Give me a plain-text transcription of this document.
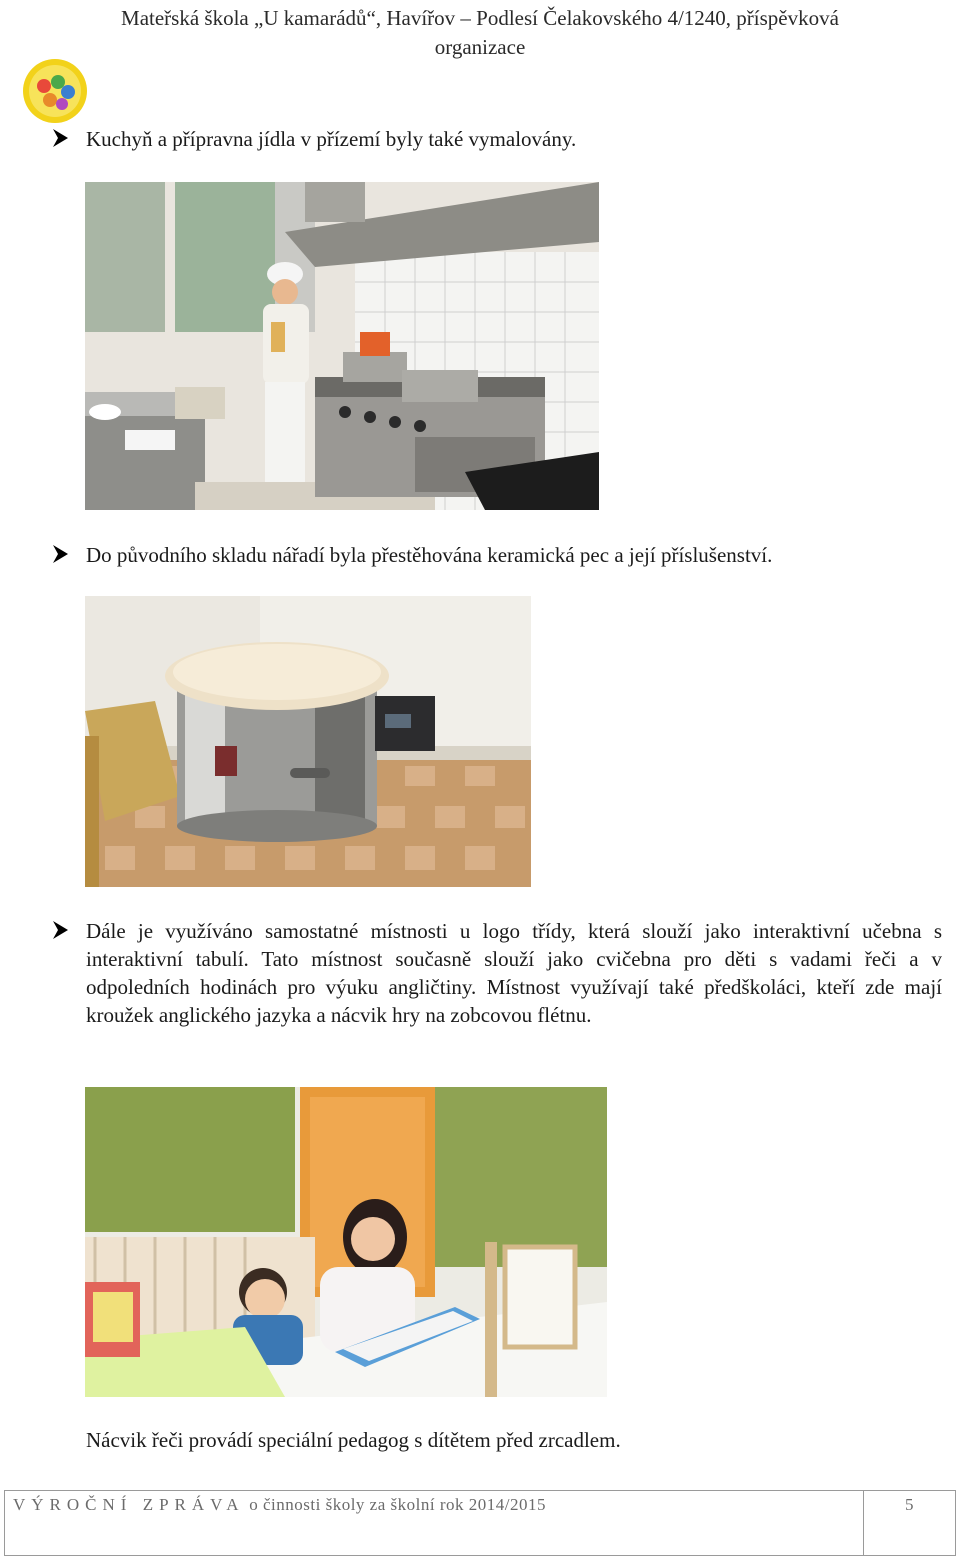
Mateřská škola „U kamarádů“, Havířov – Podlesí Čelakovského 4/1240, příspěvková
organizace
Kuchyň a přípravna jídla v přízemí byly také vymalovány.
Do původního skladu nářadí byla přestěhována keramická pec a její příslušenství.
Dále je využíváno samostatné místnosti u logo třídy, která slouží jako interaktivní učebna s interaktivní tabulí. Tato místnost současně slouží jako cvičebna pro děti s vadami řeči a v odpoledních hodinách pro výuku angličtiny. Místnost využívají také předškoláci, kteří zde mají kroužek anglického jazyka a nácvik hry na zobcovou flétnu.
Nácvik řeči provádí speciální pedagog s dítětem před zrcadlem.
VÝROČNÍ ZPRÁVA o činnosti školy za školní rok 2014/2015	5
